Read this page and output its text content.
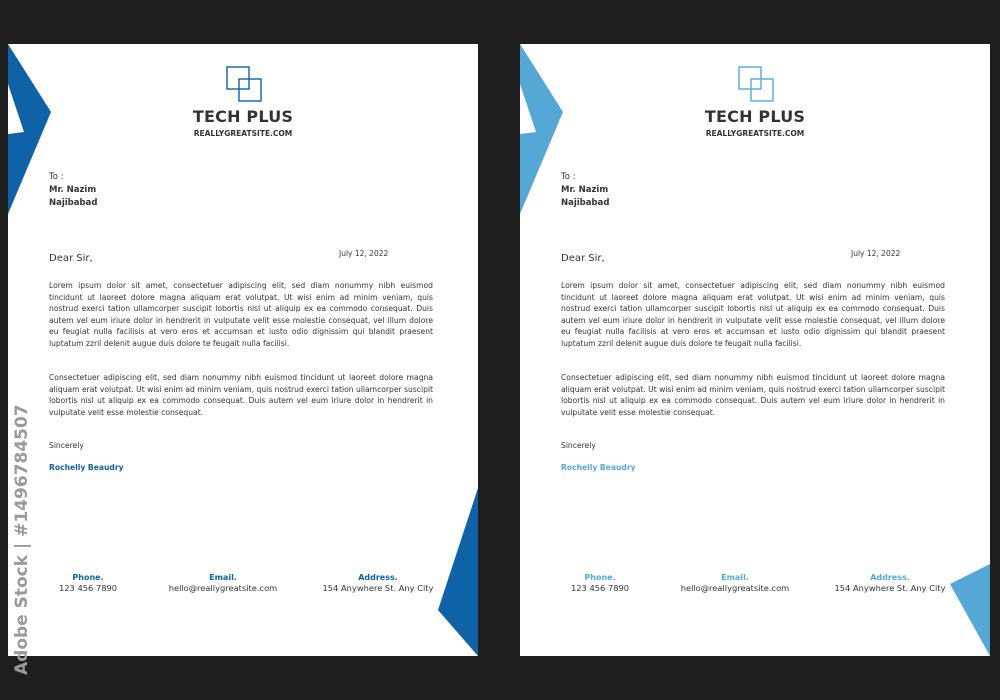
TECH PLUS
REALLYGREATSITE.COM
To :
Mr. Nazim
Najibabad
July 12, 2022
Dear Sir,

Lorem ipsum dolor sit amet, consectetuer adipiscing elit, sed diam nonummy nibh euismod tincidunt ut laoreet dolore magna aliquam erat volutpat. Ut wisi enim ad minim veniam, quis nostrud exerci tation ullamcorper suscipit lobortis nisl ut aliquip ex ea commodo consequat. Duis autem vel eum iriure dolor in hendrerit in vulputate velit esse molestie consequat, vel illum dolore eu feugiat nulla facilisis at vero eros et accumsan et iusto odio dignissim qui blandit praesent luptatum zzril delenit augue duis dolore te feugait nulla facilisi.

Consectetuer adipiscing elit, sed diam nonummy nibh euismod tincidunt ut laoreet dolore magna aliquam erat volutpat. Ut wisi enim ad minim veniam, quis nostrud exerci tation ullamcorper suscipit lobortis nisl ut aliquip ex ea commodo consequat. Duis autem vel eum iriure dolor in hendrerit in vulputate velit esse molestie consequat.

Sincerely
Rochelly Beaudry
Phone.
123 456 7890
Email.
hello@reallygreatsite.com
Address.
154 Anywhere St. Any City
TECH PLUS
REALLYGREATSITE.COM
To :
Mr. Nazim
Najibabad
July 12, 2022
Dear Sir,

Lorem ipsum dolor sit amet, consectetuer adipiscing elit, sed diam nonummy nibh euismod tincidunt ut laoreet dolore magna aliquam erat volutpat. Ut wisi enim ad minim veniam, quis nostrud exerci tation ullamcorper suscipit lobortis nisl ut aliquip ex ea commodo consequat. Duis autem vel eum iriure dolor in hendrerit in vulputate velit esse molestie consequat, vel illum dolore eu feugiat nulla facilisis at vero eros et accumsan et iusto odio dignissim qui blandit praesent luptatum zzril delenit augue duis dolore te feugait nulla facilisi.

Consectetuer adipiscing elit, sed diam nonummy nibh euismod tincidunt ut laoreet dolore magna aliquam erat volutpat. Ut wisi enim ad minim veniam, quis nostrud exerci tation ullamcorper suscipit lobortis nisl ut aliquip ex ea commodo consequat. Duis autem vel eum iriure dolor in hendrerit in vulputate velit esse molestie consequat.

Sincerely
Rochelly Beaudry
Phone.
123 456 7890
Email.
hello@reallygreatsite.com
Address.
154 Anywhere St. Any City
Adobe Stock | #1496784507
